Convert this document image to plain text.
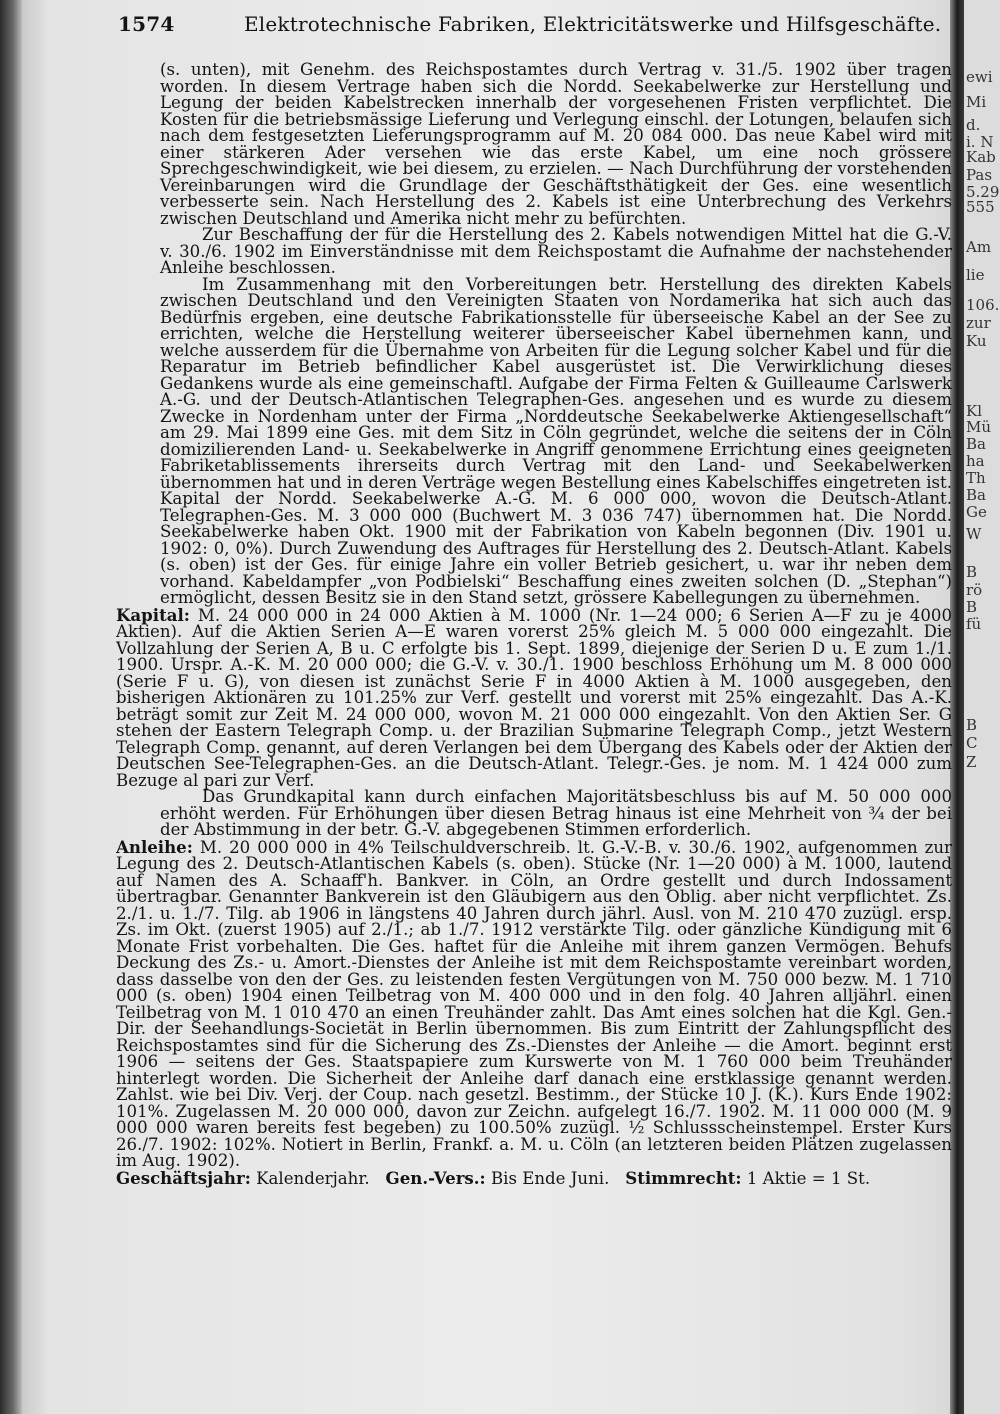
ewi
Mi
d.
i. N
Kab
Pas
5.29
555
Am
lie
106.
zur
Ku
Kl
Mü
Ba
ha
Th
Ba
Ge
W
B
rö
B
fü
B
C
Z
1574	Elektrotechnische Fabriken, Elektricitätswerke und Hilfsgeschäfte.

(s. unten), mit Genehm. des Reichspostamtes durch Vertrag v. 31./5. 1902 über tragen worden. In diesem Vertrage haben sich die Nordd. Seekabelwerke zur Herstellung und Legung der beiden Kabelstrecken innerhalb der vorgesehenen Fristen verpflichtet. Die Kosten für die betriebsmässige Lieferung und Verlegung einschl. der Lotungen, belaufen sich nach dem festgesetzten Lieferungsprogramm auf M. 20 084 000. Das neue Kabel wird mit einer stärkeren Ader versehen wie das erste Kabel, um eine noch grössere Sprechgeschwindigkeit, wie bei diesem, zu erzielen. — Nach Durchführung der vorstehenden Vereinbarungen wird die Grundlage der Geschäftsthätigkeit der Ges. eine wesentlich verbesserte sein. Nach Herstellung des 2. Kabels ist eine Unterbrechung des Verkehrs zwischen Deutschland und Amerika nicht mehr zu befürchten.

Zur Beschaffung der für die Herstellung des 2. Kabels notwendigen Mittel hat die G.-V. v. 30./6. 1902 im Einverständnisse mit dem Reichspostamt die Aufnahme der nachstehender Anleihe beschlossen.

Im Zusammenhang mit den Vorbereitungen betr. Herstellung des direkten Kabels zwischen Deutschland und den Vereinigten Staaten von Nordamerika hat sich auch das Bedürfnis ergeben, eine deutsche Fabrikationsstelle für überseeische Kabel an der See zu errichten, welche die Herstellung weiterer überseeischer Kabel übernehmen kann, und welche ausserdem für die Übernahme von Arbeiten für die Legung solcher Kabel und für die Reparatur im Betrieb befindlicher Kabel ausgerüstet ist. Die Verwirklichung dieses Gedankens wurde als eine gemeinschaftl. Aufgabe der Firma Felten & Guilleaume Carlswerk A.-G. und der Deutsch-Atlantischen Telegraphen-Ges. angesehen und es wurde zu diesem Zwecke in Nordenham unter der Firma „Norddeutsche Seekabelwerke Aktiengesellschaft“ am 29. Mai 1899 eine Ges. mit dem Sitz in Cöln gegründet, welche die seitens der in Cöln domizilierenden Land- u. Seekabelwerke in Angriff genommene Errichtung eines geeigneten Fabriketablissements ihrerseits durch Vertrag mit den Land- und Seekabelwerken übernommen hat und in deren Verträge wegen Bestellung eines Kabelschiffes eingetreten ist. Kapital der Nordd. Seekabelwerke A.-G. M. 6 000 000, wovon die Deutsch-Atlant. Telegraphen-Ges. M. 3 000 000 (Buchwert M. 3 036 747) übernommen hat. Die Nordd. Seekabelwerke haben Okt. 1900 mit der Fabrikation von Kabeln begonnen (Div. 1901 u. 1902: 0, 0%). Durch Zuwendung des Auftrages für Herstellung des 2. Deutsch-Atlant. Kabels (s. oben) ist der Ges. für einige Jahre ein voller Betrieb gesichert, u. war ihr neben dem vorhand. Kabeldampfer „von Podbielski“ Beschaffung eines zweiten solchen (D. „Stephan“) ermöglicht, dessen Besitz sie in den Stand setzt, grössere Kabellegungen zu übernehmen.

Kapital: M. 24 000 000 in 24 000 Aktien à M. 1000 (Nr. 1—24 000; 6 Serien A—F zu je 4000 Aktien). Auf die Aktien Serien A—E waren vorerst 25% gleich M. 5 000 000 eingezahlt. Die Vollzahlung der Serien A, B u. C erfolgte bis 1. Sept. 1899, diejenige der Serien D u. E zum 1./1. 1900. Urspr. A.-K. M. 20 000 000; die G.-V. v. 30./1. 1900 beschloss Erhöhung um M. 8 000 000 (Serie F u. G), von diesen ist zunächst Serie F in 4000 Aktien à M. 1000 ausgegeben, den bisherigen Aktionären zu 101.25% zur Verf. gestellt und vorerst mit 25% eingezahlt. Das A.-K. beträgt somit zur Zeit M. 24 000 000, wovon M. 21 000 000 eingezahlt. Von den Aktien Ser. G stehen der Eastern Telegraph Comp. u. der Brazilian Submarine Telegraph Comp., jetzt Western Telegraph Comp. genannt, auf deren Verlangen bei dem Übergang des Kabels oder der Aktien der Deutschen See-Telegraphen-Ges. an die Deutsch-Atlant. Telegr.-Ges. je nom. M. 1 424 000 zum Bezuge al pari zur Verf.

Das Grundkapital kann durch einfachen Majoritätsbeschluss bis auf M. 50 000 000 erhöht werden. Für Erhöhungen über diesen Betrag hinaus ist eine Mehrheit von ¾ der bei der Abstimmung in der betr. G.-V. abgegebenen Stimmen erforderlich.

Anleihe: M. 20 000 000 in 4% Teilschuldverschreib. lt. G.-V.-B. v. 30./6. 1902, aufgenommen zur Legung des 2. Deutsch-Atlantischen Kabels (s. oben). Stücke (Nr. 1—20 000) à M. 1000, lautend auf Namen des A. Schaaff'h. Bankver. in Cöln, an Ordre gestellt und durch Indossament übertragbar. Genannter Bankverein ist den Gläubigern aus den Oblig. aber nicht verpflichtet. Zs. 2./1. u. 1./7. Tilg. ab 1906 in längstens 40 Jahren durch jährl. Ausl. von M. 210 470 zuzügl. ersp. Zs. im Okt. (zuerst 1905) auf 2./1.; ab 1./7. 1912 verstärkte Tilg. oder gänzliche Kündigung mit 6 Monate Frist vorbehalten. Die Ges. haftet für die Anleihe mit ihrem ganzen Vermögen. Behufs Deckung des Zs.- u. Amort.-Dienstes der Anleihe ist mit dem Reichspostamte vereinbart worden, dass dasselbe von den der Ges. zu leistenden festen Vergütungen von M. 750 000 bezw. M. 1 710 000 (s. oben) 1904 einen Teilbetrag von M. 400 000 und in den folg. 40 Jahren alljährl. einen Teilbetrag von M. 1 010 470 an einen Treuhänder zahlt. Das Amt eines solchen hat die Kgl. Gen.-Dir. der Seehandlungs-Societät in Berlin übernommen. Bis zum Eintritt der Zahlungspflicht des Reichspostamtes sind für die Sicherung des Zs.-Dienstes der Anleihe — die Amort. beginnt erst 1906 — seitens der Ges. Staatspapiere zum Kurswerte von M. 1 760 000 beim Treuhänder hinterlegt worden. Die Sicherheit der Anleihe darf danach eine erstklassige genannt werden. Zahlst. wie bei Div. Verj. der Coup. nach gesetzl. Bestimm., der Stücke 10 J. (K.). Kurs Ende 1902: 101%. Zugelassen M. 20 000 000, davon zur Zeichn. aufgelegt 16./7. 1902. M. 11 000 000 (M. 9 000 000 waren bereits fest begeben) zu 100.50% zuzügl. ½ Schlussscheinstempel. Erster Kurs 26./7. 1902: 102%. Notiert in Berlin, Frankf. a. M. u. Cöln (an letzteren beiden Plätzen zugelassen im Aug. 1902).

Geschäftsjahr: Kalenderjahr. Gen.-Vers.: Bis Ende Juni. Stimmrecht: 1 Aktie = 1 St.
